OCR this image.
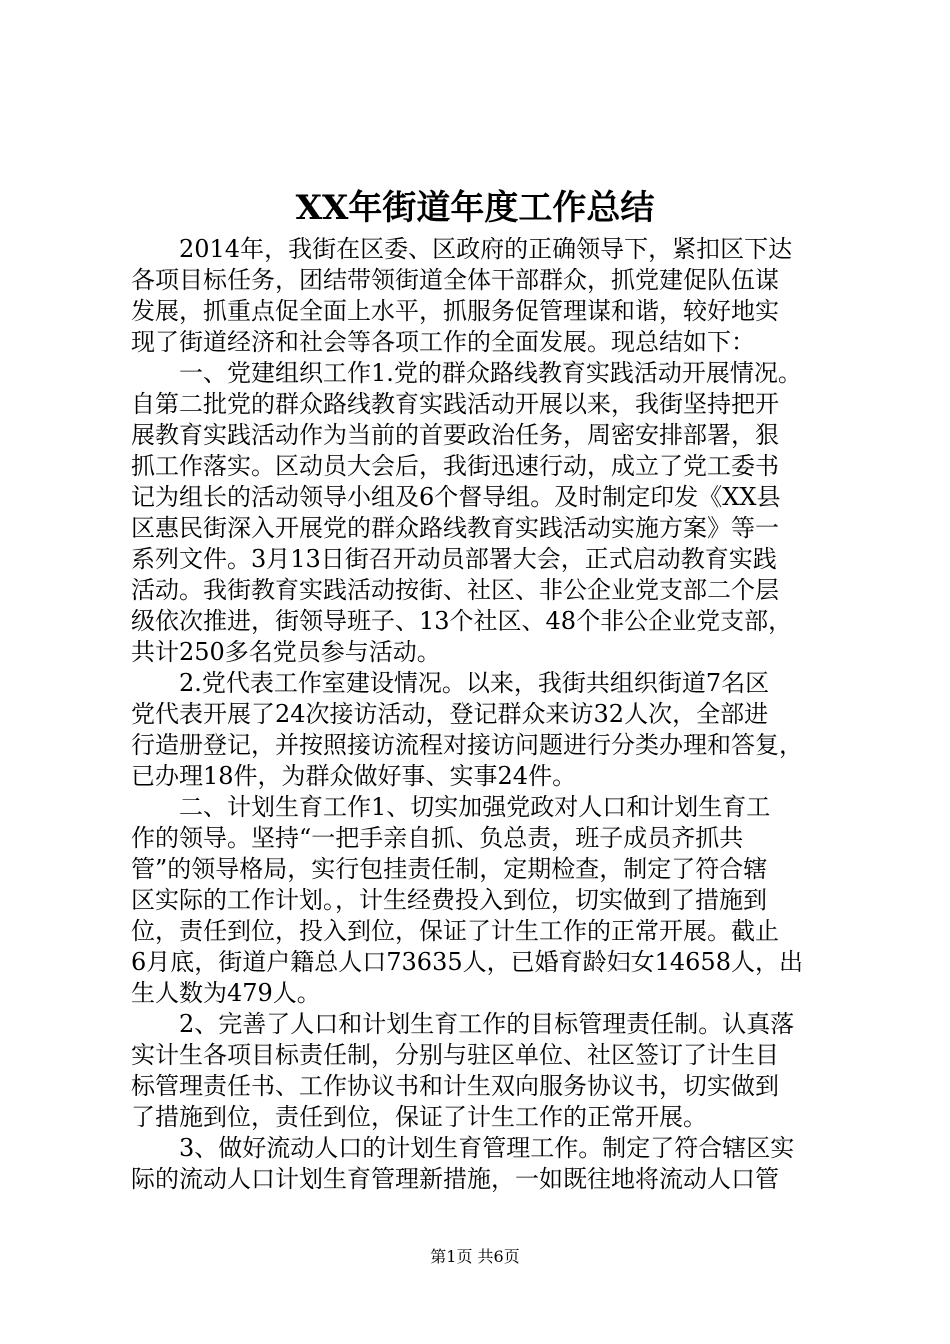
XX年街道年度工作总结
　　2014年，我街在区委、区政府的正确领导下，紧扣区下达
各项目标任务，团结带领街道全体干部群众，抓党建促队伍谋
发展，抓重点促全面上水平，抓服务促管理谋和谐，较好地实
现了街道经济和社会等各项工作的全面发展。现总结如下：
　　一、党建组织工作1.党的群众路线教育实践活动开展情况。
自第二批党的群众路线教育实践活动开展以来，我街坚持把开
展教育实践活动作为当前的首要政治任务，周密安排部署，狠
抓工作落实。区动员大会后，我街迅速行动，成立了党工委书
记为组长的活动领导小组及6个督导组。及时制定印发《XX县
区惠民街深入开展党的群众路线教育实践活动实施方案》等一
系列文件。3月13日街召开动员部署大会，正式启动教育实践
活动。我街教育实践活动按街、社区、非公企业党支部二个层
级依次推进，街领导班子、13个社区、48个非公企业党支部，
共计250多名党员参与活动。
　　2.党代表工作室建设情况。以来，我街共组织街道7名区
党代表开展了24次接访活动，登记群众来访32人次，全部进
行造册登记，并按照接访流程对接访问题进行分类办理和答复，
已办理18件，为群众做好事、实事24件。
　　二、计划生育工作1、切实加强党政对人口和计划生育工
作的领导。坚持“一把手亲自抓、负总责，班子成员齐抓共
管”的领导格局，实行包挂责任制，定期检查，制定了符合辖
区实际的工作计划。，计生经费投入到位，切实做到了措施到
位，责任到位，投入到位，保证了计生工作的正常开展。截止
6月底，街道户籍总人口73635人，已婚育龄妇女14658人，出
生人数为479人。
　　2、完善了人口和计划生育工作的目标管理责任制。认真落
实计生各项目标责任制，分别与驻区单位、社区签订了计生目
标管理责任书、工作协议书和计生双向服务协议书，切实做到
了措施到位，责任到位，保证了计生工作的正常开展。
　　3、做好流动人口的计划生育管理工作。制定了符合辖区实
际的流动人口计划生育管理新措施，一如既往地将流动人口管
第1页 共6页
